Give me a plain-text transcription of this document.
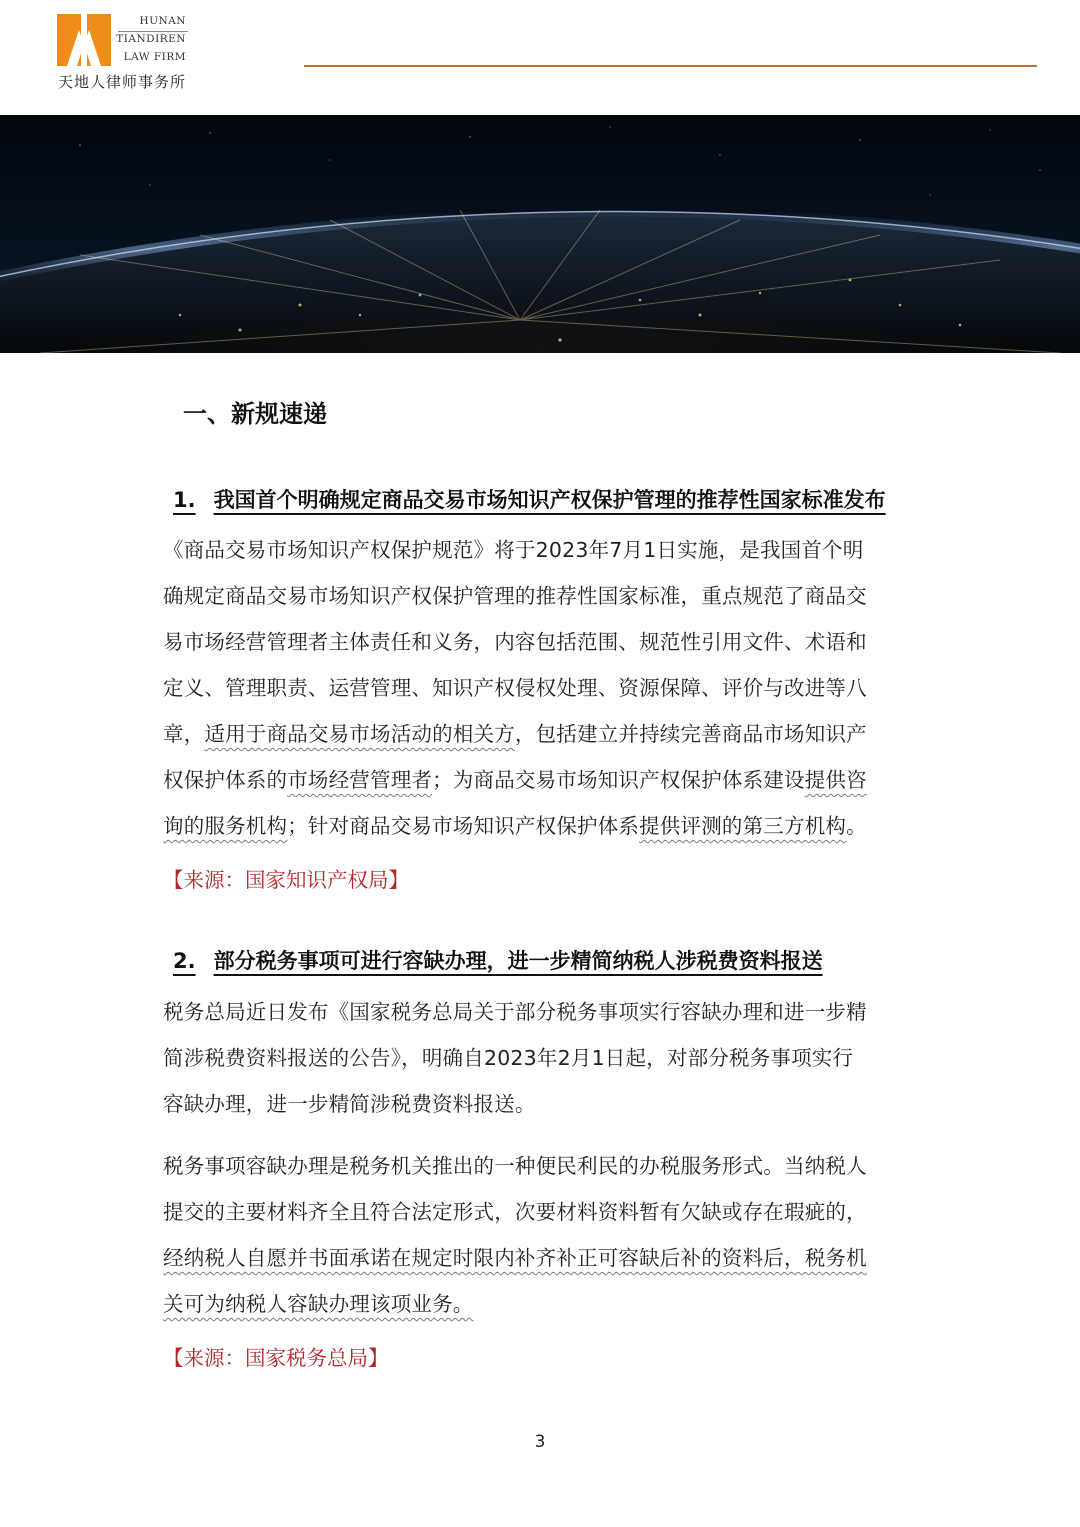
HUNAN
TIANDIREN
LAW FIRM
天地人律师事务所
一、新规速递
1. 我国首个明确规定商品交易市场知识产权保护管理的推荐性国家标准发布
《商品交易市场知识产权保护规范》将于2023年7月1日实施，是我国首个明
确规定商品交易市场知识产权保护管理的推荐性国家标准，重点规范了商品交
易市场经营管理者主体责任和义务，内容包括范围、规范性引用文件、术语和
定义、管理职责、运营管理、知识产权侵权处理、资源保障、评价与改进等八
章，适用于商品交易市场活动的相关方，包括建立并持续完善商品市场知识产
权保护体系的市场经营管理者；为商品交易市场知识产权保护体系建设提供咨
询的服务机构；针对商品交易市场知识产权保护体系提供评测的第三方机构。
【来源：国家知识产权局】
2. 部分税务事项可进行容缺办理，进一步精简纳税人涉税费资料报送
税务总局近日发布《国家税务总局关于部分税务事项实行容缺办理和进一步精
简涉税费资料报送的公告》，明确自2023年2月1日起，对部分税务事项实行
容缺办理，进一步精简涉税费资料报送。
税务事项容缺办理是税务机关推出的一种便民利民的办税服务形式。当纳税人
提交的主要材料齐全且符合法定形式，次要材料资料暂有欠缺或存在瑕疵的，
经纳税人自愿并书面承诺在规定时限内补齐补正可容缺后补的资料后，税务机
关可为纳税人容缺办理该项业务。
【来源：国家税务总局】
3
